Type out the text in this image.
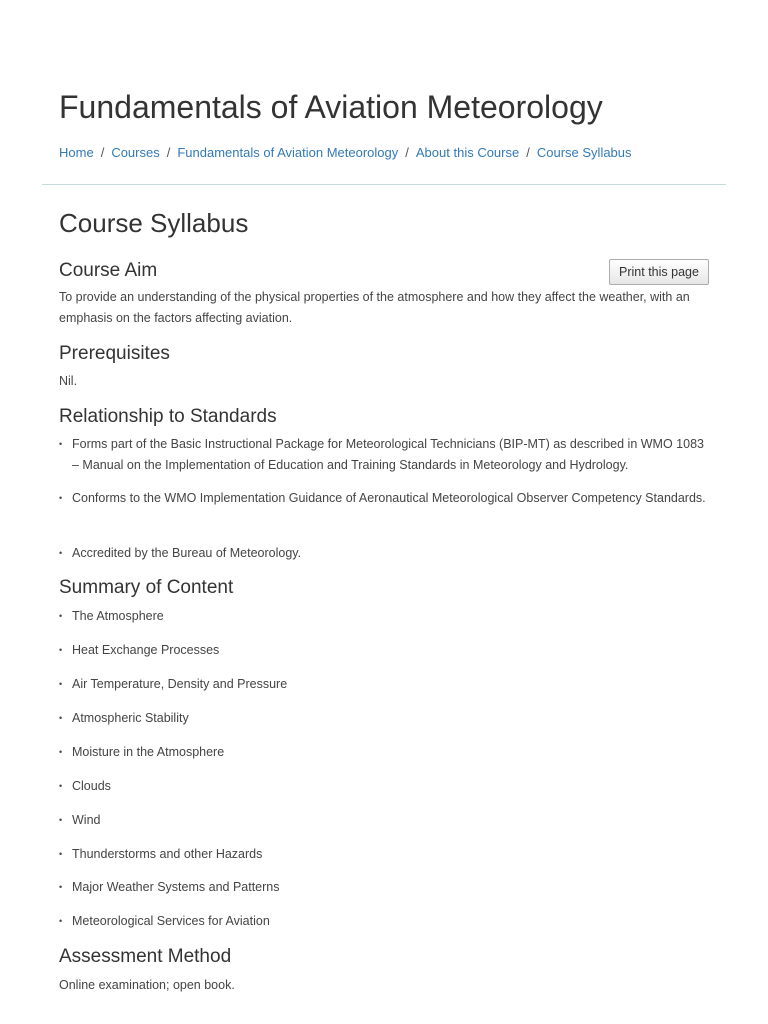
Fundamentals of Aviation Meteorology
Home / Courses / Fundamentals of Aviation Meteorology / About this Course / Course Syllabus
Course Syllabus
Print this page
Course Aim

To provide an understanding of the physical properties of the atmosphere and how they affect the weather, with an emphasis on the factors affecting aviation.

Prerequisites

Nil.

Relationship to Standards
• Forms part of the Basic Instructional Package for Meteorological Technicians (BIP-MT) as described in WMO 1083 – Manual on the Implementation of Education and Training Standards in Meteorology and Hydrology.
• Conforms to the WMO Implementation Guidance of Aeronautical Meteorological Observer Competency Standards.
• Accredited by the Bureau of Meteorology.
Summary of Content
• The Atmosphere
• Heat Exchange Processes
• Air Temperature, Density and Pressure
• Atmospheric Stability
• Moisture in the Atmosphere
• Clouds
• Wind
• Thunderstorms and other Hazards
• Major Weather Systems and Patterns
• Meteorological Services for Aviation
Assessment Method

Online examination; open book.
